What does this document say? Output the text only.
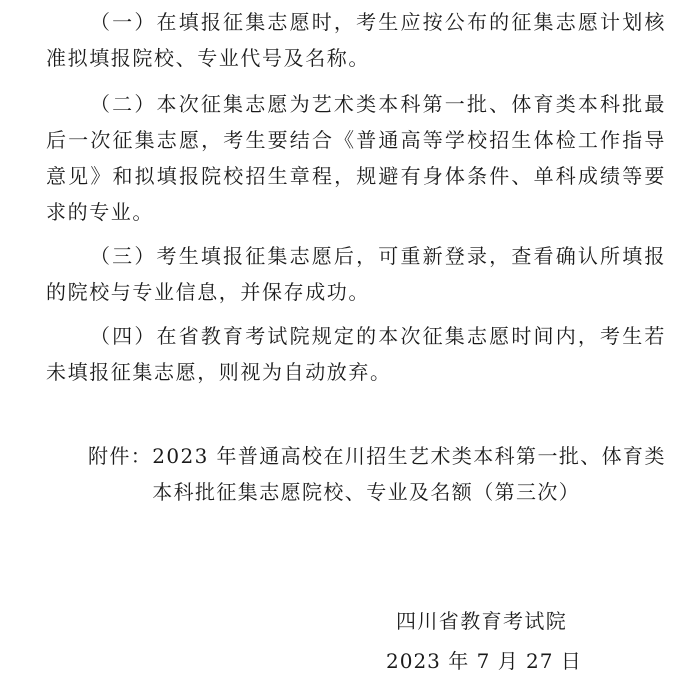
（一）在填报征集志愿时，考生应按公布的征集志愿计划核准拟填报院校、专业代号及名称。

（二）本次征集志愿为艺术类本科第一批、体育类本科批最后一次征集志愿，考生要结合《普通高等学校招生体检工作指导意见》和拟填报院校招生章程，规避有身体条件、单科成绩等要求的专业。

（三）考生填报征集志愿后，可重新登录，查看确认所填报的院校与专业信息，并保存成功。

（四）在省教育考试院规定的本次征集志愿时间内，考生若未填报征集志愿，则视为自动放弃。

附件： 2023 年普通高校在川招生艺术类本科第一批、体育类本科批征集志愿院校、专业及名额（第三次）
四川省教育考试院
2023 年 7 月 27 日
